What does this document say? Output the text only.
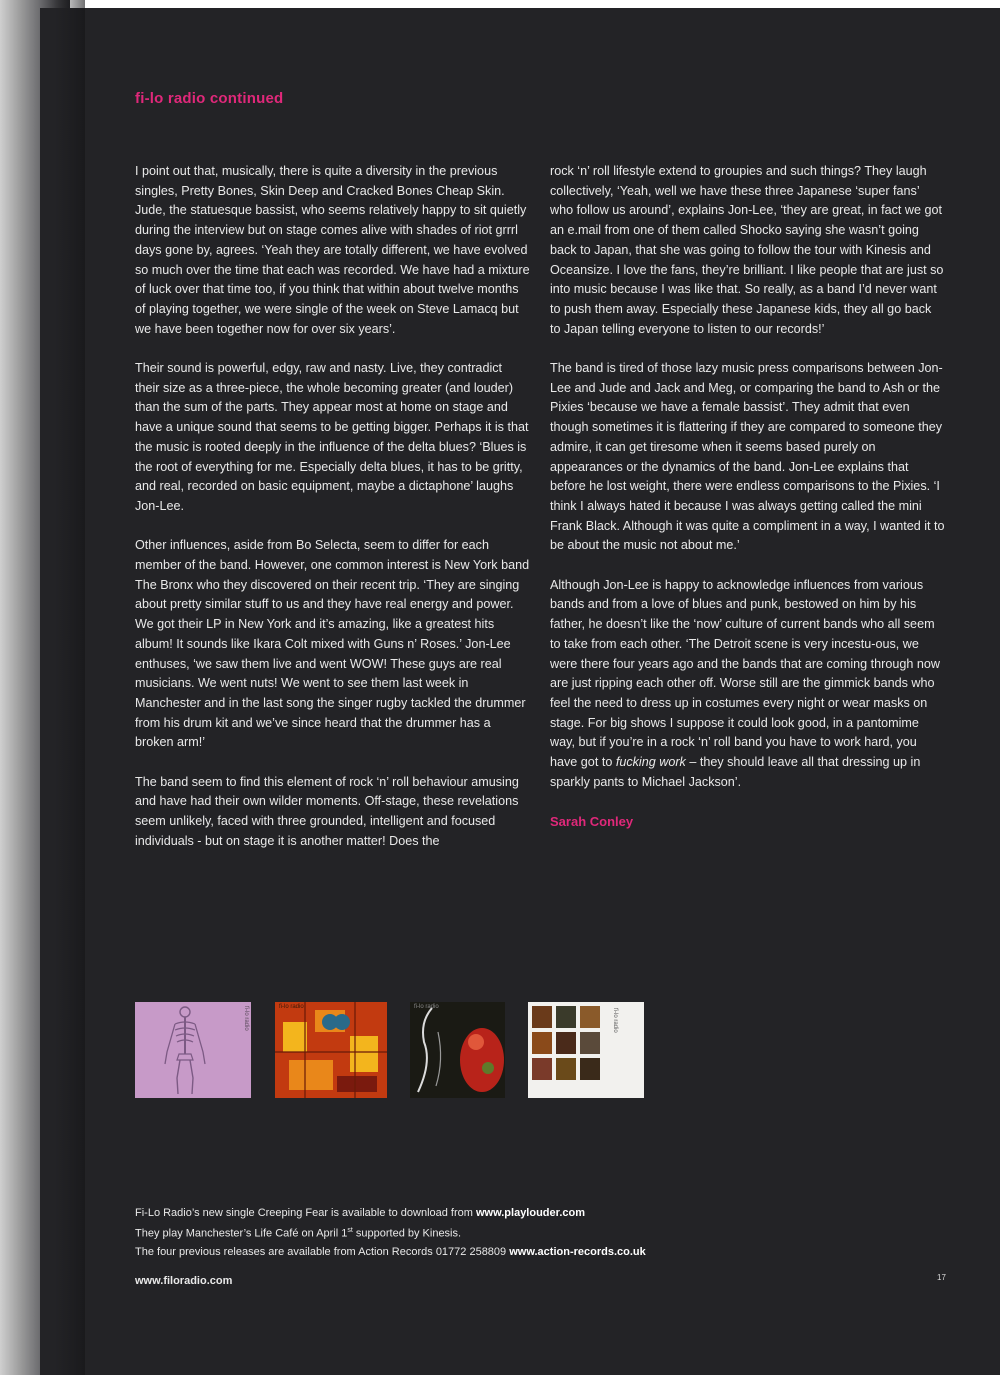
fi-lo radio continued

I point out that, musically, there is quite a diversity in the previous singles, Pretty Bones, Skin Deep and Cracked Bones Cheap Skin. Jude, the statuesque bassist, who seems relatively happy to sit quietly during the interview but on stage comes alive with shades of riot grrrl days gone by, agrees. ‘Yeah they are totally different, we have evolved so much over the time that each was recorded. We have had a mixture of luck over that time too, if you think that within about twelve months of playing together, we were single of the week on Steve Lamacq but we have been together now for over six years’.

Their sound is powerful, edgy, raw and nasty. Live, they contradict their size as a three-piece, the whole becoming greater (and louder) than the sum of the parts. They appear most at home on stage and have a unique sound that seems to be getting bigger. Perhaps it is that the music is rooted deeply in the influence of the delta blues? ‘Blues is the root of everything for me. Especially delta blues, it has to be gritty, and real, recorded on basic equipment, maybe a dictaphone’ laughs Jon-Lee.

Other influences, aside from Bo Selecta, seem to differ for each member of the band. However, one common interest is New York band The Bronx who they discovered on their recent trip. ‘They are singing about pretty similar stuff to us and they have real energy and power. We got their LP in New York and it’s amazing, like a greatest hits album! It sounds like Ikara Colt mixed with Guns n’ Roses.’ Jon-Lee enthuses, ‘we saw them live and went WOW! These guys are real musicians. We went nuts! We went to see them last week in Manchester and in the last song the singer rugby tackled the drummer from his drum kit and we’ve since heard that the drummer has a broken arm!’

The band seem to find this element of rock ‘n’ roll behaviour amusing and have had their own wilder moments. Off-stage, these revelations seem unlikely, faced with three grounded, intelligent and focused individuals - but on stage it is another matter! Does the

rock ‘n’ roll lifestyle extend to groupies and such things? They laugh collectively, ‘Yeah, well we have these three Japanese ‘super fans’ who follow us around’, explains Jon-Lee, ‘they are great, in fact we got an e.mail from one of them called Shocko saying she wasn’t going back to Japan, that she was going to follow the tour with Kinesis and Oceansize. I love the fans, they’re brilliant. I like people that are just so into music because I was like that. So really, as a band I’d never want to push them away. Especially these Japanese kids, they all go back to Japan telling everyone to listen to our records!’

The band is tired of those lazy music press comparisons between Jon-Lee and Jude and Jack and Meg, or comparing the band to Ash or the Pixies ‘because we have a female bassist’. They admit that even though sometimes it is flattering if they are compared to someone they admire, it can get tiresome when it seems based purely on appearances or the dynamics of the band. Jon-Lee explains that before he lost weight, there were endless comparisons to the Pixies. ‘I think I always hated it because I was always getting called the mini Frank Black. Although it was quite a compliment in a way, I wanted it to be about the music not about me.’

Although Jon-Lee is happy to acknowledge influences from various bands and from a love of blues and punk, bestowed on him by his father, he doesn’t like the ‘now’ culture of current bands who all seem to take from each other. ‘The Detroit scene is very incestu-ous, we were there four years ago and the bands that are coming through now are just ripping each other off. Worse still are the gimmick bands who feel the need to dress up in costumes every night or wear masks on stage. For big shows I suppose it could look good, in a pantomime way, but if you’re in a rock ‘n’ roll band you have to work hard, you have got to fucking work – they should leave all that dressing up in sparkly pants to Michael Jackson’.

Sarah Conley
fi-lo radio	fi-lo radio	fi-lo radio
fi-lo radio
Fi-Lo Radio’s new single Creeping Fear is available to download from www.playlouder.com
They play Manchester’s Life Café on April 1st supported by Kinesis.
The four previous releases are available from Action Records 01772 258809 www.action-records.co.uk
www.filoradio.com	17
